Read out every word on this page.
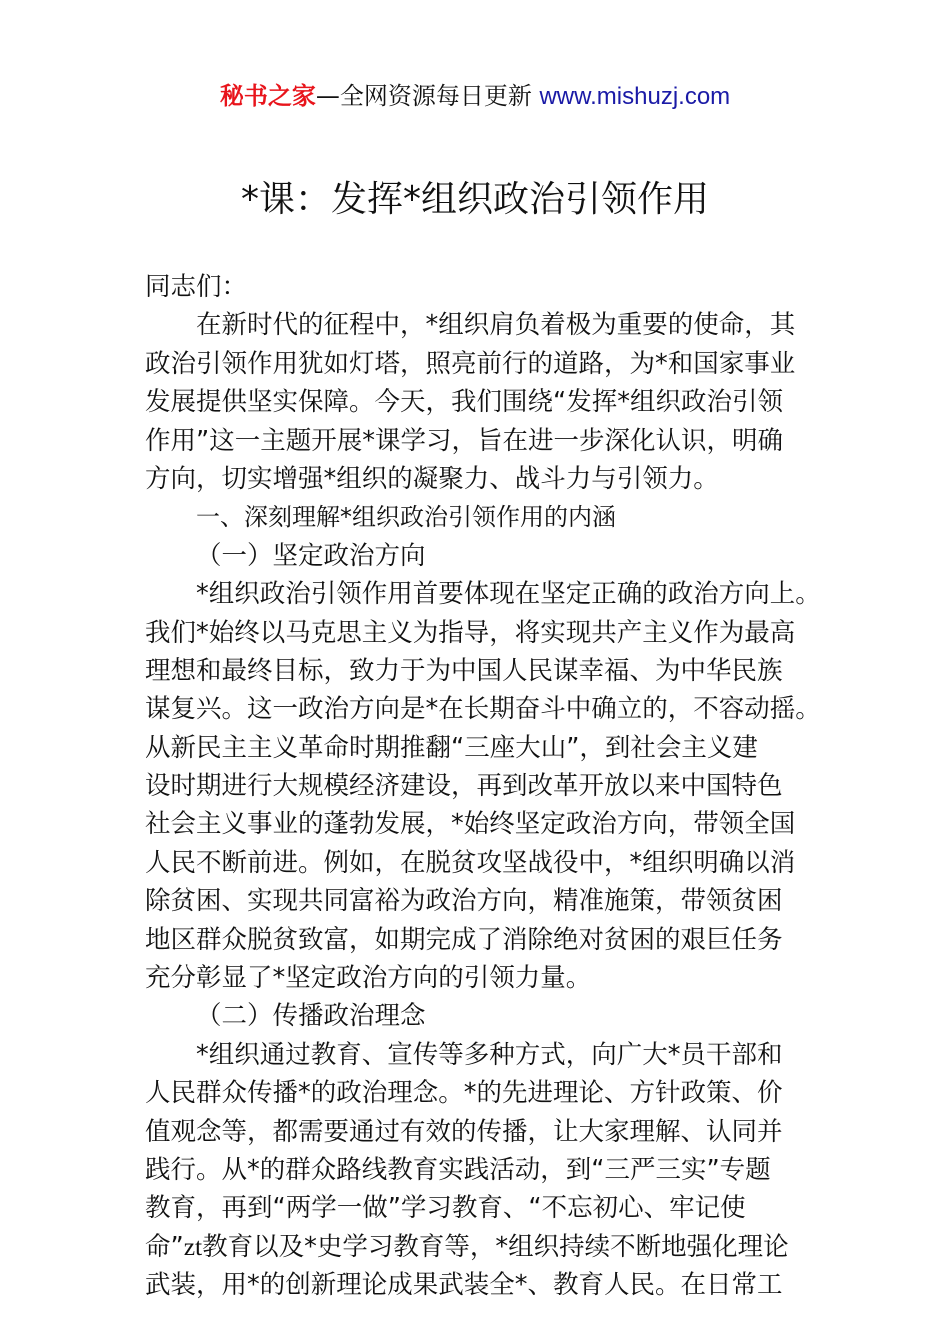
秘书之家—全网资源每日更新 www.mishuzj.com
*课：发挥*组织政治引领作用
同志们：
在新时代的征程中，*组织肩负着极为重要的使命，其
政治引领作用犹如灯塔，照亮前行的道路，为*和国家事业
发展提供坚实保障。今天，我们围绕“发挥*组织政治引领
作用”这一主题开展*课学习，旨在进一步深化认识，明确
方向，切实增强*组织的凝聚力、战斗力与引领力。
一、深刻理解*组织政治引领作用的内涵
（一）坚定政治方向
*组织政治引领作用首要体现在坚定正确的政治方向上。
我们*始终以马克思主义为指导，将实现共产主义作为最高
理想和最终目标，致力于为中国人民谋幸福、为中华民族
谋复兴。这一政治方向是*在长期奋斗中确立的，不容动摇。
从新民主主义革命时期推翻“三座大山”，到社会主义建
设时期进行大规模经济建设，再到改革开放以来中国特色
社会主义事业的蓬勃发展，*始终坚定政治方向，带领全国
人民不断前进。例如，在脱贫攻坚战役中，*组织明确以消
除贫困、实现共同富裕为政治方向，精准施策，带领贫困
地区群众脱贫致富，如期完成了消除绝对贫困的艰巨任务
充分彰显了*坚定政治方向的引领力量。
（二）传播政治理念
*组织通过教育、宣传等多种方式，向广大*员干部和
人民群众传播*的政治理念。*的先进理论、方针政策、价
值观念等，都需要通过有效的传播，让大家理解、认同并
践行。从*的群众路线教育实践活动，到“三严三实”专题
教育，再到“两学一做”学习教育、“不忘初心、牢记使
命”zt教育以及*史学习教育等，*组织持续不断地强化理论
武装，用*的创新理论成果武装全*、教育人民。在日常工
